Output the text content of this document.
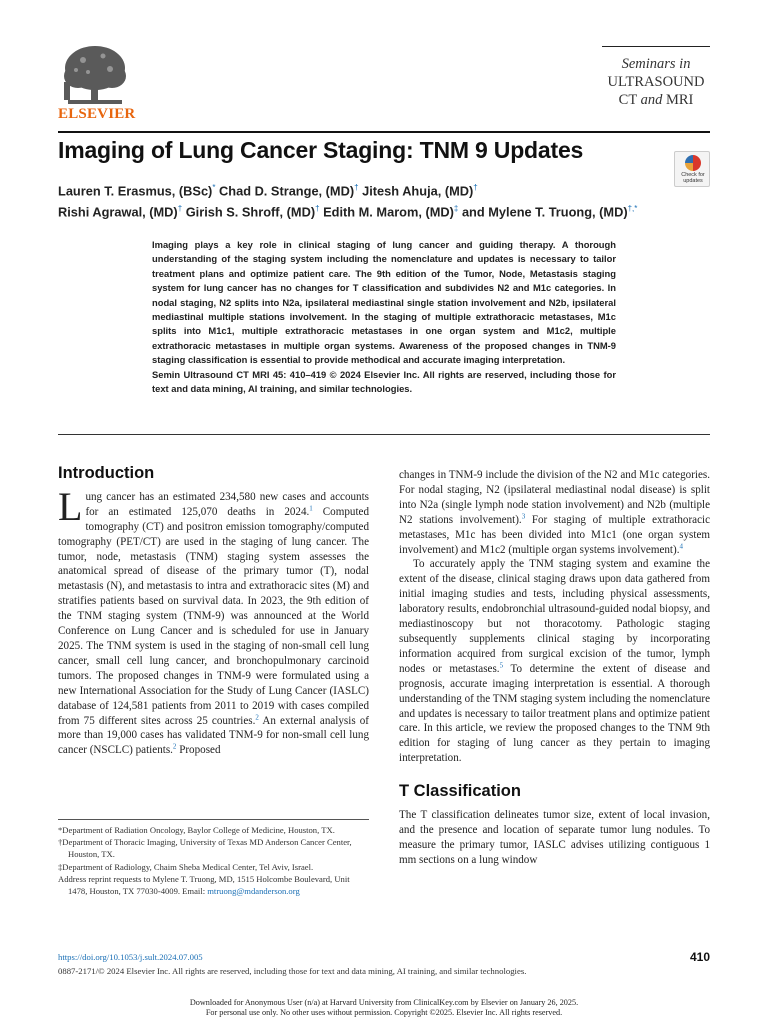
ELSEVIER
Seminars in
ULTRASOUND
CT and MRI
Imaging of Lung Cancer Staging: TNM 9 Updates
Check for updates
Lauren T. Erasmus, (BSc)* Chad D. Strange, (MD)† Jitesh Ahuja, (MD)†
Rishi Agrawal, (MD)† Girish S. Shroff, (MD)† Edith M. Marom, (MD)‡ and Mylene T. Truong, (MD)†,*

Imaging plays a key role in clinical staging of lung cancer and guiding therapy. A thorough understanding of the staging system including the nomenclature and updates is necessary to tailor treatment plans and optimize patient care. The 9th edition of the Tumor, Node, Metastasis staging system for lung cancer has no changes for T classification and subdivides N2 and M1c categories. In nodal staging, N2 splits into N2a, ipsilateral mediastinal single station involvement and N2b, ipsilateral mediastinal multiple stations involvement. In the staging of multiple extrathoracic metastases, M1c splits into M1c1, multiple extrathoracic metastases in one organ system and M1c2, multiple extrathoracic metastases in multiple organ systems. Awareness of the proposed changes in TNM-9 staging classification is essential to provide methodical and accurate imaging interpretation.

Semin Ultrasound CT MRI 45: 410–419 © 2024 Elsevier Inc. All rights are reserved, including those for text and data mining, AI training, and similar technologies.

Introduction

Lung cancer has an estimated 234,580 new cases and accounts for an estimated 125,070 deaths in 2024.$^1$ Computed tomography (CT) and positron emission tomography/computed tomography (PET/CT) are used in the staging of lung cancer. The tumor, node, metastasis (TNM) staging system assesses the anatomical spread of disease of the primary tumor (T), nodal metastasis (N), and metastasis to intra and extrathoracic sites (M) and stratifies patients based on survival data. In 2023, the 9th edition of the TNM staging system (TNM-9) was announced at the World Conference on Lung Cancer and is scheduled for use in January 2025. The TNM system is used in the staging of non-small cell lung cancer, small cell lung cancer, and bronchopulmonary carcinoid tumors. The proposed changes in TNM-9 were formulated using a new International Association for the Study of Lung Cancer (IASLC) database of 124,581 patients from 2011 to 2019 with cases compiled from 75 different sites across 25 countries.$^2$ An external analysis of more than 19,000 cases has validated TNM-9 for non-small cell lung cancer (NSCLC) patients.$^2$ Proposed

*Department of Radiation Oncology, Baylor College of Medicine, Houston, TX.
†Department of Thoracic Imaging, University of Texas MD Anderson Cancer Center, Houston, TX.
‡Department of Radiology, Chaim Sheba Medical Center, Tel Aviv, Israel.
Address reprint requests to Mylene T. Truong, MD, 1515 Holcombe Boulevard, Unit 1478, Houston, TX 77030-4009. Email: mtruong@mdanderson.org

changes in TNM-9 include the division of the N2 and M1c categories. For nodal staging, N2 (ipsilateral mediastinal nodal disease) is split into N2a (single lymph node station involvement) and N2b (multiple N2 stations involvement).$^3$ For staging of multiple extrathoracic metastases, M1c has been divided into M1c1 (one organ system involvement) and M1c2 (multiple organ systems involvement).$^4$

To accurately apply the TNM staging system and examine the extent of the disease, clinical staging draws upon data gathered from initial imaging studies and tests, including physical assessments, laboratory results, endobronchial ultrasound-guided nodal biopsy, and mediastinoscopy but not thoracotomy. Pathologic staging subsequently supplements clinical staging by incorporating information acquired from surgical excision of the tumor, lymph nodes or metastases.$^5$ To determine the extent of disease and prognosis, accurate imaging interpretation is essential. A thorough understanding of the TNM staging system including the nomenclature and updates is necessary to tailor treatment plans and optimize patient care. In this article, we review the proposed changes to the TNM 9th edition for staging of lung cancer as they pertain to imaging interpretation.

T Classification

The T classification delineates tumor size, extent of local invasion, and the presence and location of separate tumor lung nodules. To measure the primary tumor, IASLC advises utilizing contiguous 1 mm sections on a lung window

https://doi.org/10.1053/j.sult.2024.07.005
0887-2171/© 2024 Elsevier Inc. All rights are reserved, including those for text and data mining, AI training, and similar technologies.
410
Downloaded for Anonymous User (n/a) at Harvard University from ClinicalKey.com by Elsevier on January 26, 2025.
For personal use only. No other uses without permission. Copyright ©2025. Elsevier Inc. All rights reserved.
